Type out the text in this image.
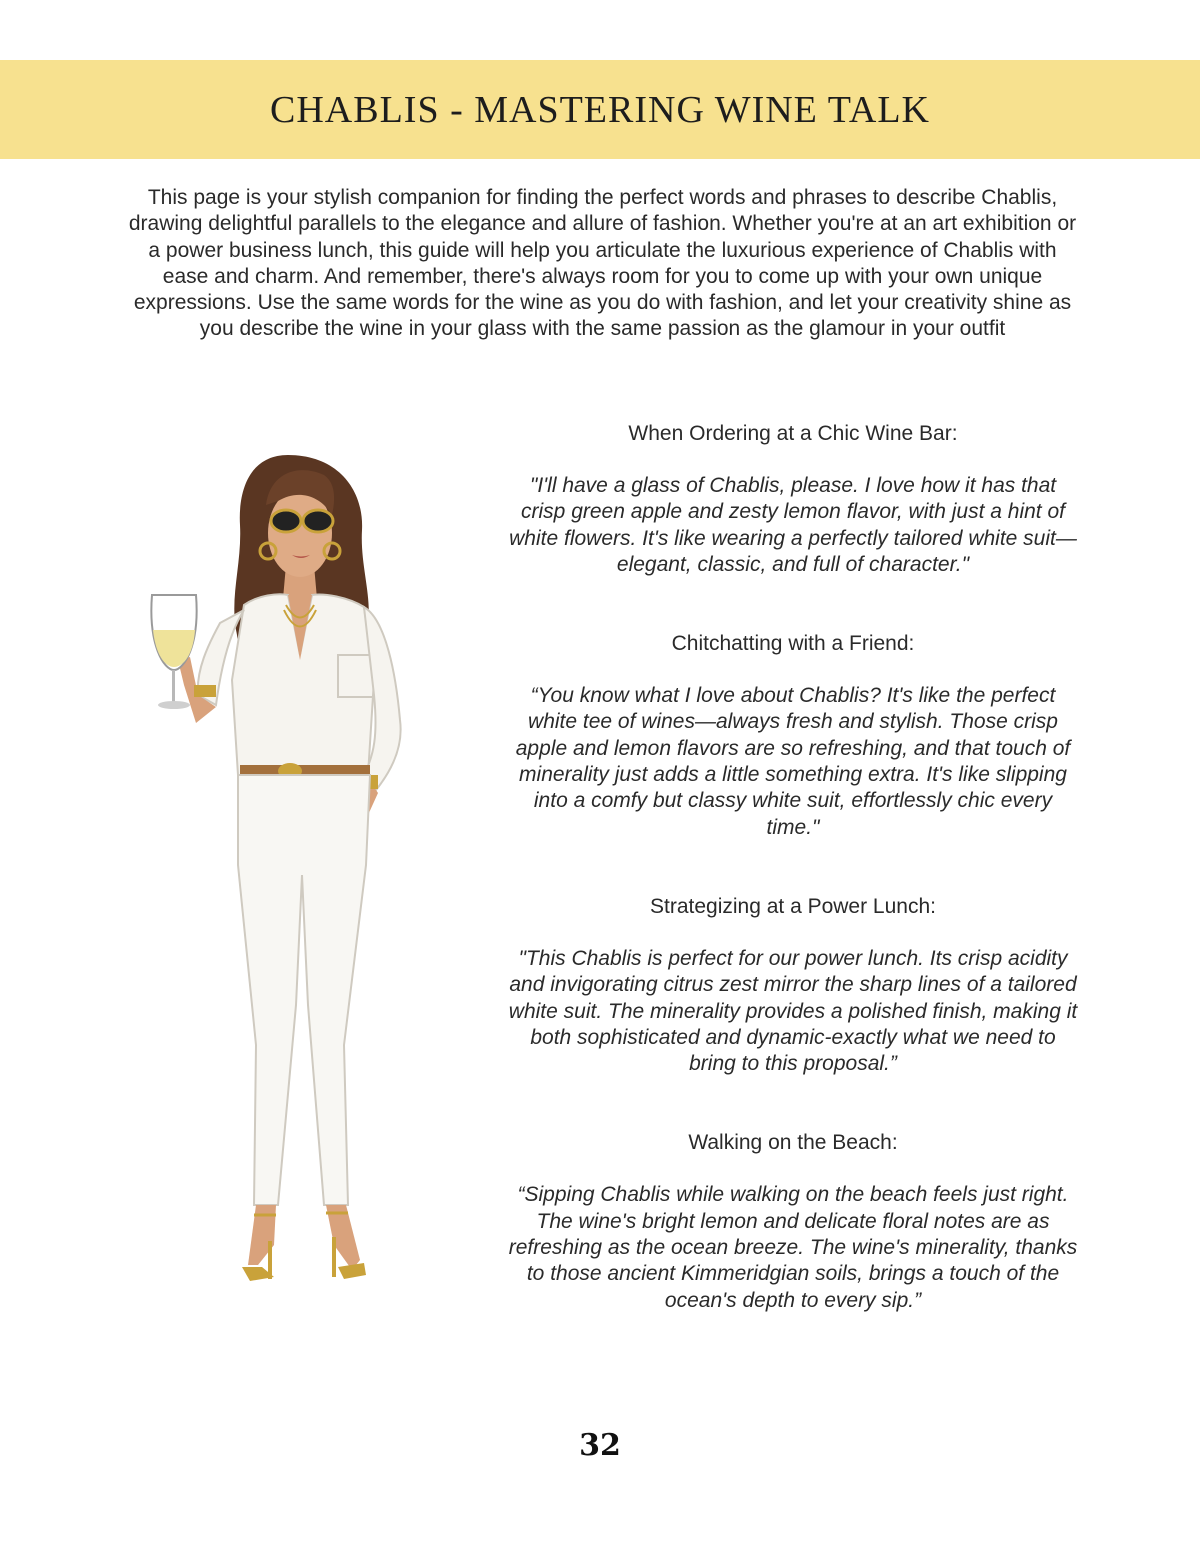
CHABLIS - MASTERING WINE TALK

This page is your stylish companion for finding the perfect words and phrases to describe Chablis, drawing delightful parallels to the elegance and allure of fashion. Whether you're at an art exhibition or a power business lunch, this guide will help you articulate the luxurious experience of Chablis with ease and charm. And remember, there's always room for you to come up with your own unique expressions. Use the same words for the wine as you do with fashion, and let your creativity shine as you describe the wine in your glass with the same passion as the glamour in your outfit

When Ordering at a Chic Wine Bar:

"I'll have a glass of Chablis, please. I love how it has that crisp green apple and zesty lemon flavor, with just a hint of white flowers. It's like wearing a perfectly tailored white suit—elegant, classic, and full of character."

Chitchatting with a Friend:

“You know what I love about Chablis? It's like the perfect white tee of wines—always fresh and stylish. Those crisp apple and lemon flavors are so refreshing, and that touch of minerality just adds a little something extra. It's like slipping into a comfy but classy white suit, effortlessly chic every time."

Strategizing at a Power Lunch:

"This Chablis is perfect for our power lunch. Its crisp acidity and invigorating citrus zest mirror the sharp lines of a tailored white suit. The minerality provides a polished finish, making it both sophisticated and dynamic-exactly what we need to bring to this proposal.”

Walking on the Beach:

“Sipping Chablis while walking on the beach feels just right. The wine's bright lemon and delicate floral notes are as refreshing as the ocean breeze. The wine's minerality, thanks to those ancient Kimmeridgian soils, brings a touch of the ocean's depth to every sip.”

32
